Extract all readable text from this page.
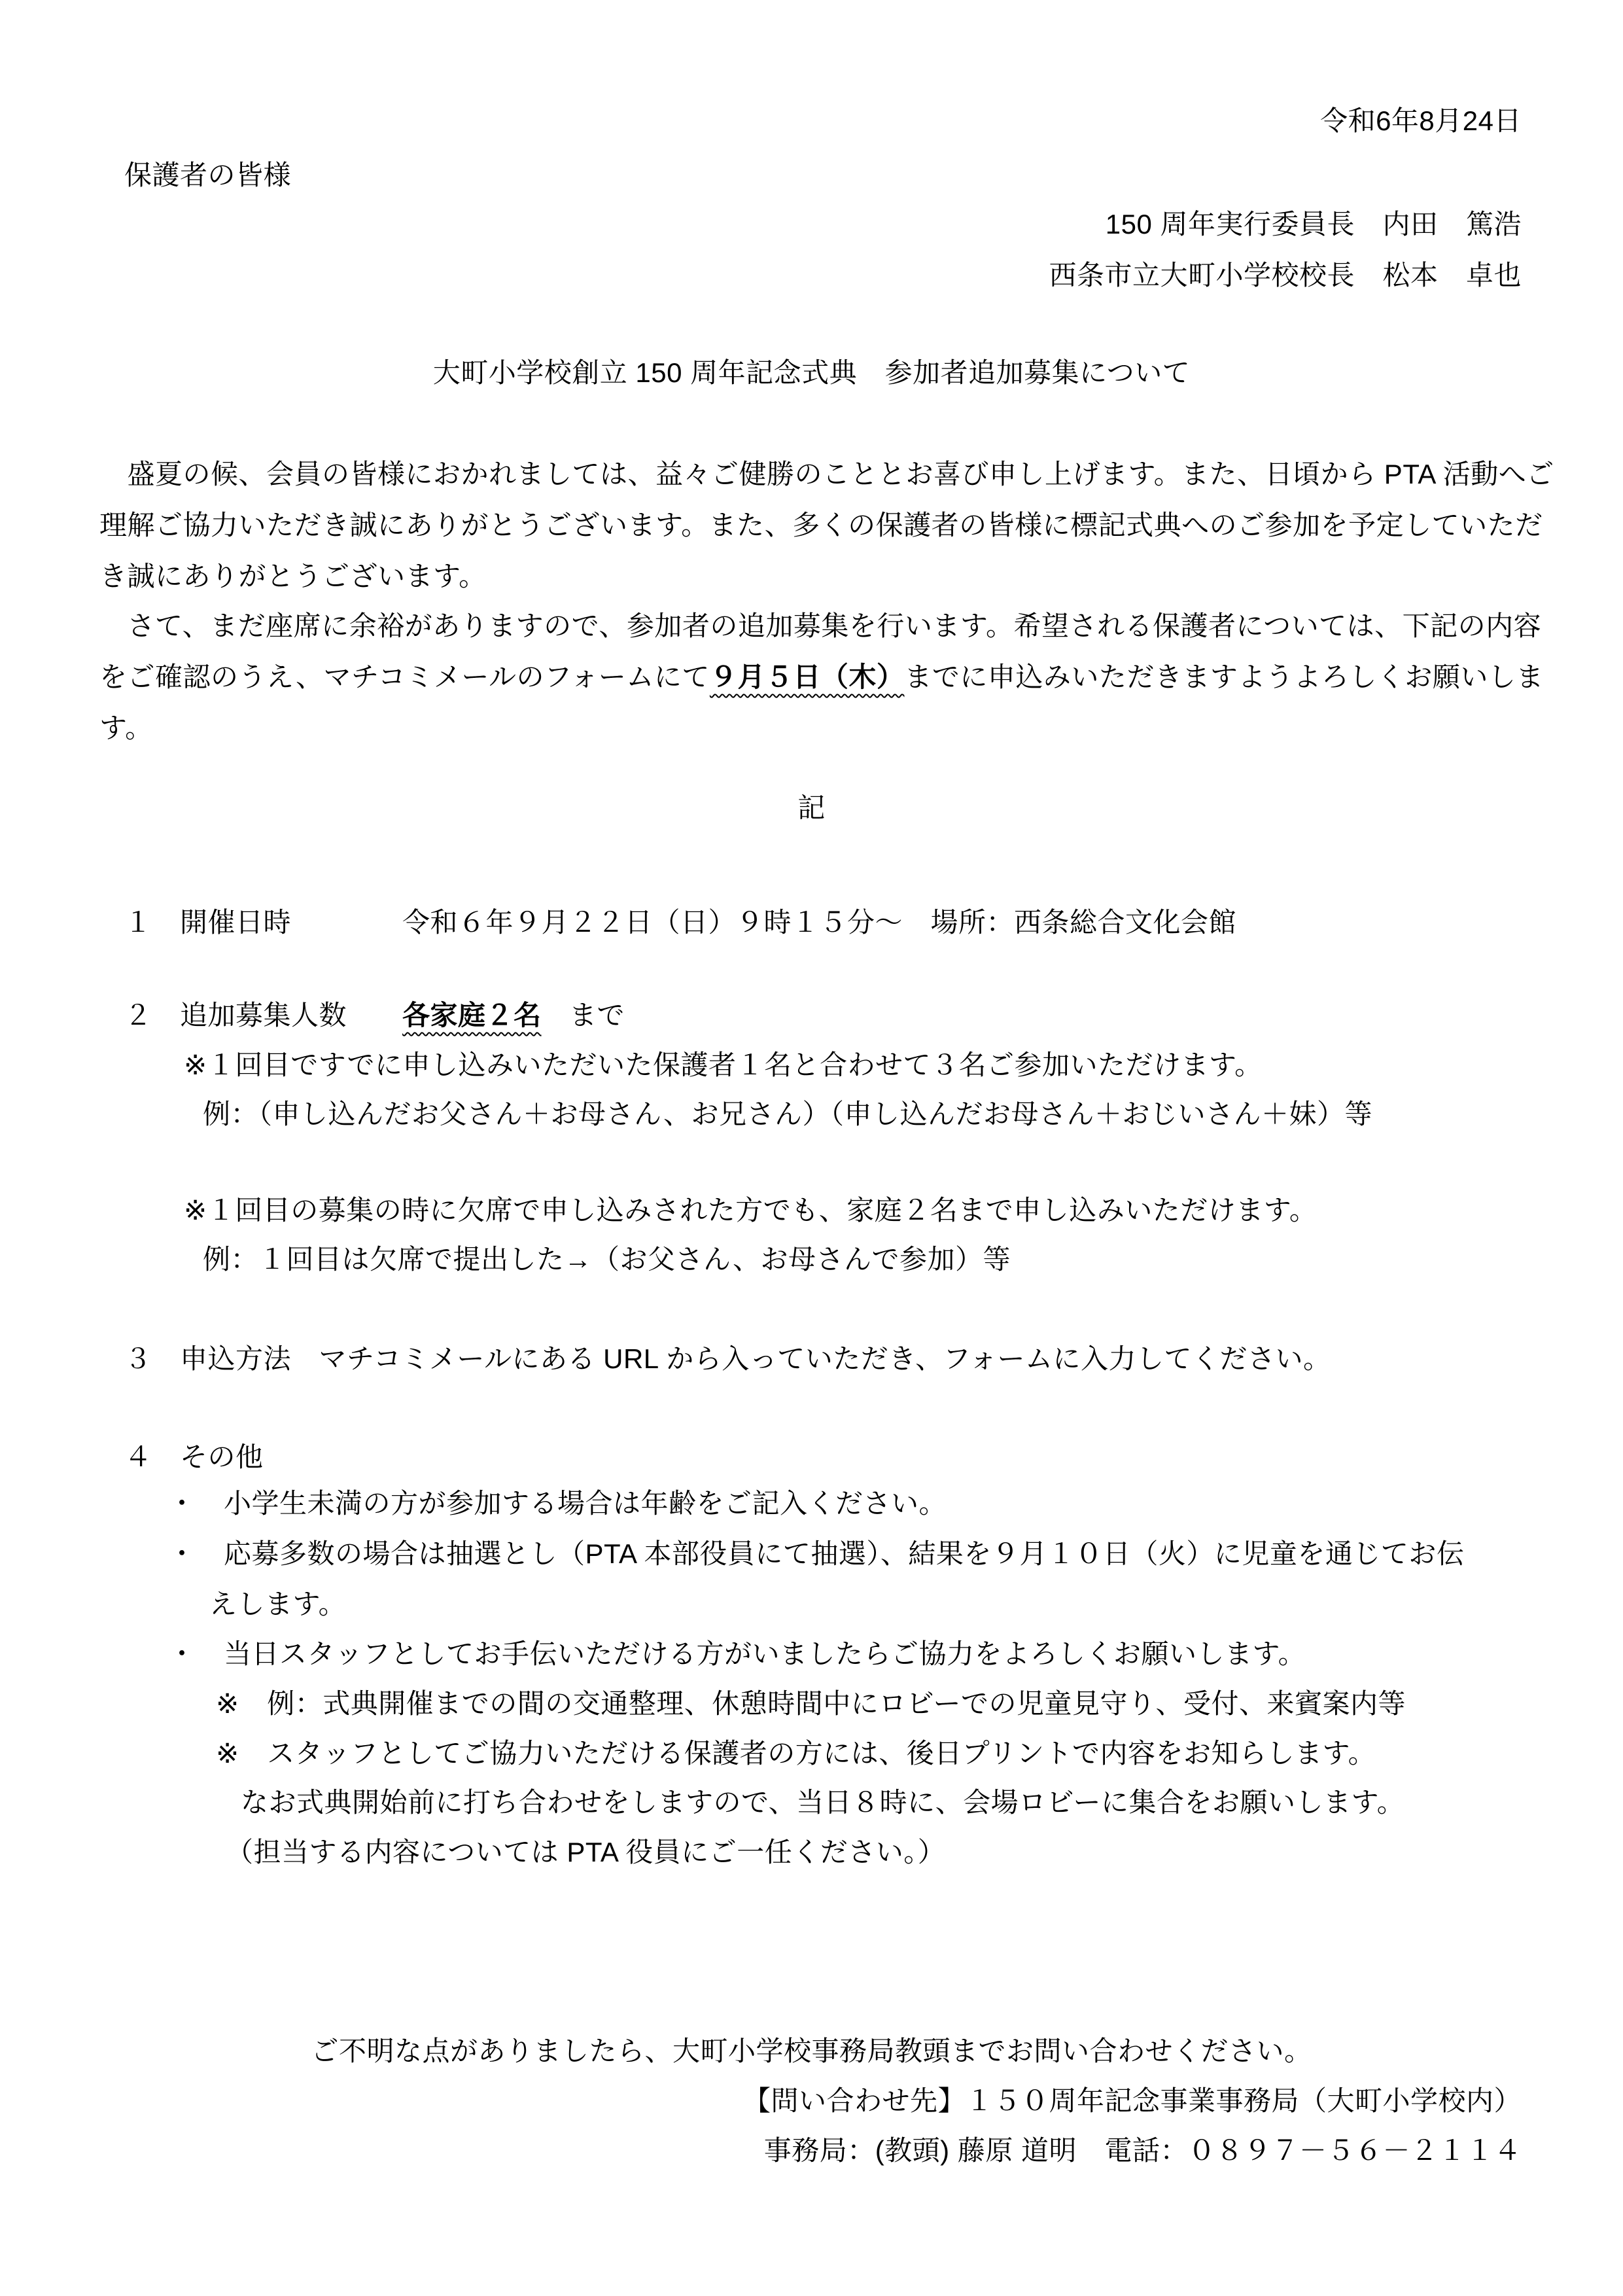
令和6年8月24日
保護者の皆様
150 周年実行委員長　内田　篤浩
西条市立大町小学校校長　松本　卓也
大町小学校創立 150 周年記念式典　参加者追加募集について
　盛夏の候、会員の皆様におかれましては、益々ご健勝のこととお喜び申し上げます。また、日頃から PTA 活動へご
理解ご協力いただき誠にありがとうございます。また、多くの保護者の皆様に標記式典へのご参加を予定していただ
き誠にありがとうございます。
　さて、まだ座席に余裕がありますので、参加者の追加募集を行います。希望される保護者については、下記の内容
をご確認のうえ、マチコミメールのフォームにて９月５日（木）までに申込みいただきますようよろしくお願いしま
す。
記
１　開催日時　　　　令和６年９月２２日（日）９時１５分～　場所：西条総合文化会館
２　追加募集人数　　各家庭２名　まで
※１回目ですでに申し込みいただいた保護者１名と合わせて３名ご参加いただけます。
例：（申し込んだお父さん＋お母さん、お兄さん）（申し込んだお母さん＋おじいさん＋妹）等
※１回目の募集の時に欠席で申し込みされた方でも、家庭２名まで申し込みいただけます。
例：１回目は欠席で提出した→（お父さん、お母さんで参加）等
３　申込方法　マチコミメールにある URL から入っていただき、フォームに入力してください。
４　その他
・　小学生未満の方が参加する場合は年齢をご記入ください。
・　応募多数の場合は抽選とし（PTA 本部役員にて抽選）、結果を９月１０日（火）に児童を通じてお伝
えします。
・　当日スタッフとしてお手伝いただける方がいましたらご協力をよろしくお願いします。
※　例：式典開催までの間の交通整理、休憩時間中にロビーでの児童見守り、受付、来賓案内等
※　スタッフとしてご協力いただける保護者の方には、後日プリントで内容をお知らします。
なお式典開始前に打ち合わせをしますので、当日８時に、会場ロビーに集合をお願いします。
（担当する内容については PTA 役員にご一任ください。）
ご不明な点がありましたら、大町小学校事務局教頭までお問い合わせください。
【問い合わせ先】１５０周年記念事業事務局（大町小学校内）
事務局：(教頭) 藤原 道明　電話：０８９７－５６－２１１４
